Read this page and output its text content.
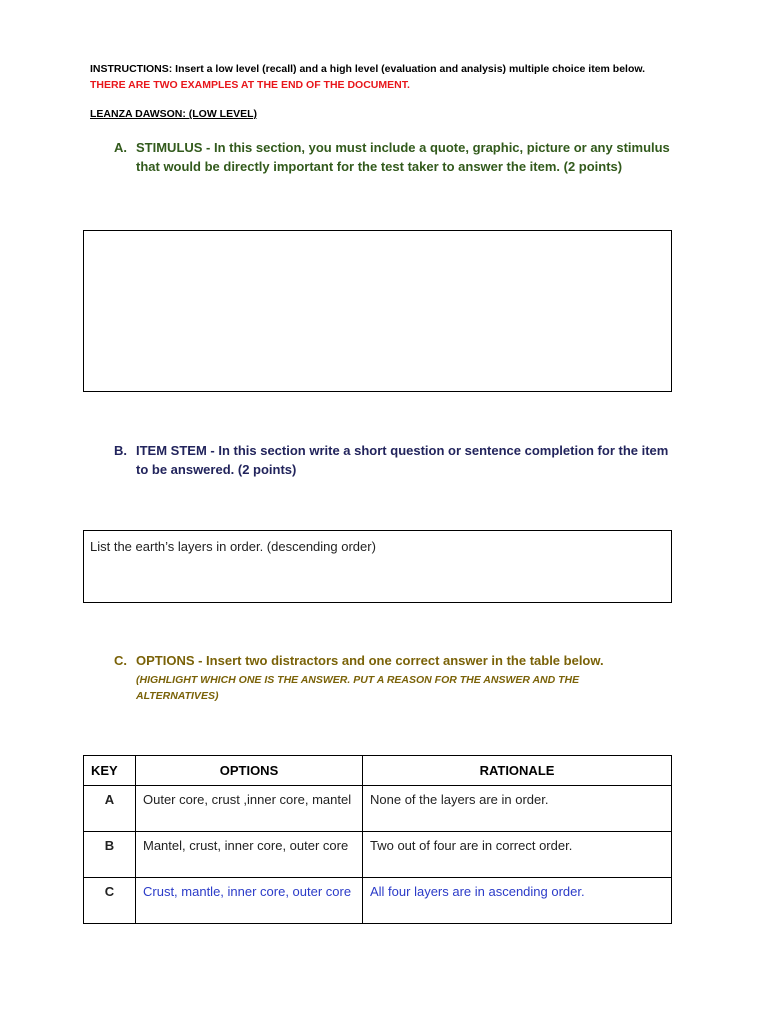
INSTRUCTIONS: Insert a low level (recall) and a high level (evaluation and analysis) multiple choice item below. THERE ARE TWO EXAMPLES AT THE END OF THE DOCUMENT.
LEANZA DAWSON: (LOW LEVEL)
A. STIMULUS - In this section, you must include a quote, graphic, picture or any stimulus that would be directly important for the test taker to answer the item. (2 points)
B. ITEM STEM - In this section write a short question or sentence completion for the item to be answered. (2 points)
List the earth’s layers in order. (descending order)
C. OPTIONS - Insert two distractors and one correct answer in the table below.
(HIGHLIGHT WHICH ONE IS THE ANSWER. PUT A REASON FOR THE ANSWER AND THE ALTERNATIVES)
KEY	OPTIONS	RATIONALE
A	Outer core, crust ,inner core, mantel	None of the layers are in order.
B	Mantel, crust, inner core, outer core	Two out of four are in correct order.
C	Crust, mantle, inner core, outer core	All four layers are in ascending order.
